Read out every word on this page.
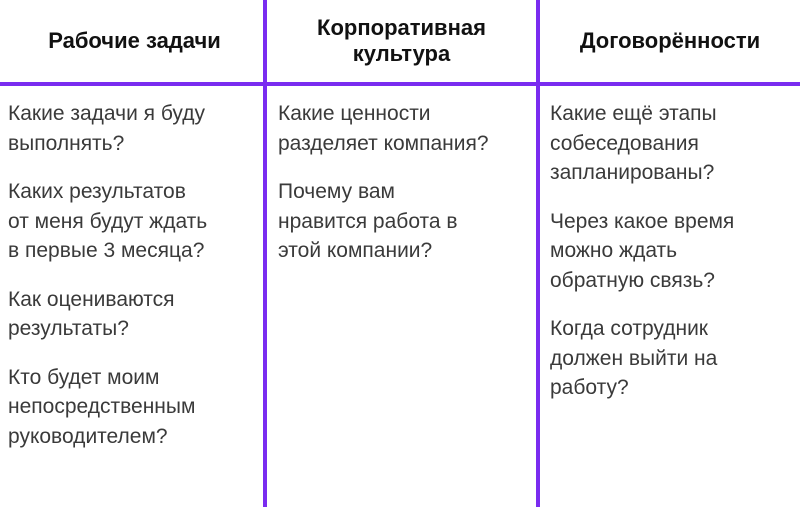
Рабочие задачи

Какие задачи я буду
выполнять?

Каких результатов
от меня будут ждать
в первые 3 месяца?

Как оцениваются
результаты?

Кто будет моим
непосредственным
руководителем?

Корпоративная
культура

Какие ценности
разделяет компания?

Почему вам
нравится работа в
этой компании?

Договорённости

Какие ещё этапы
собеседования
запланированы?

Через какое время
можно ждать
обратную связь?

Когда сотрудник
должен выйти на
работу?
